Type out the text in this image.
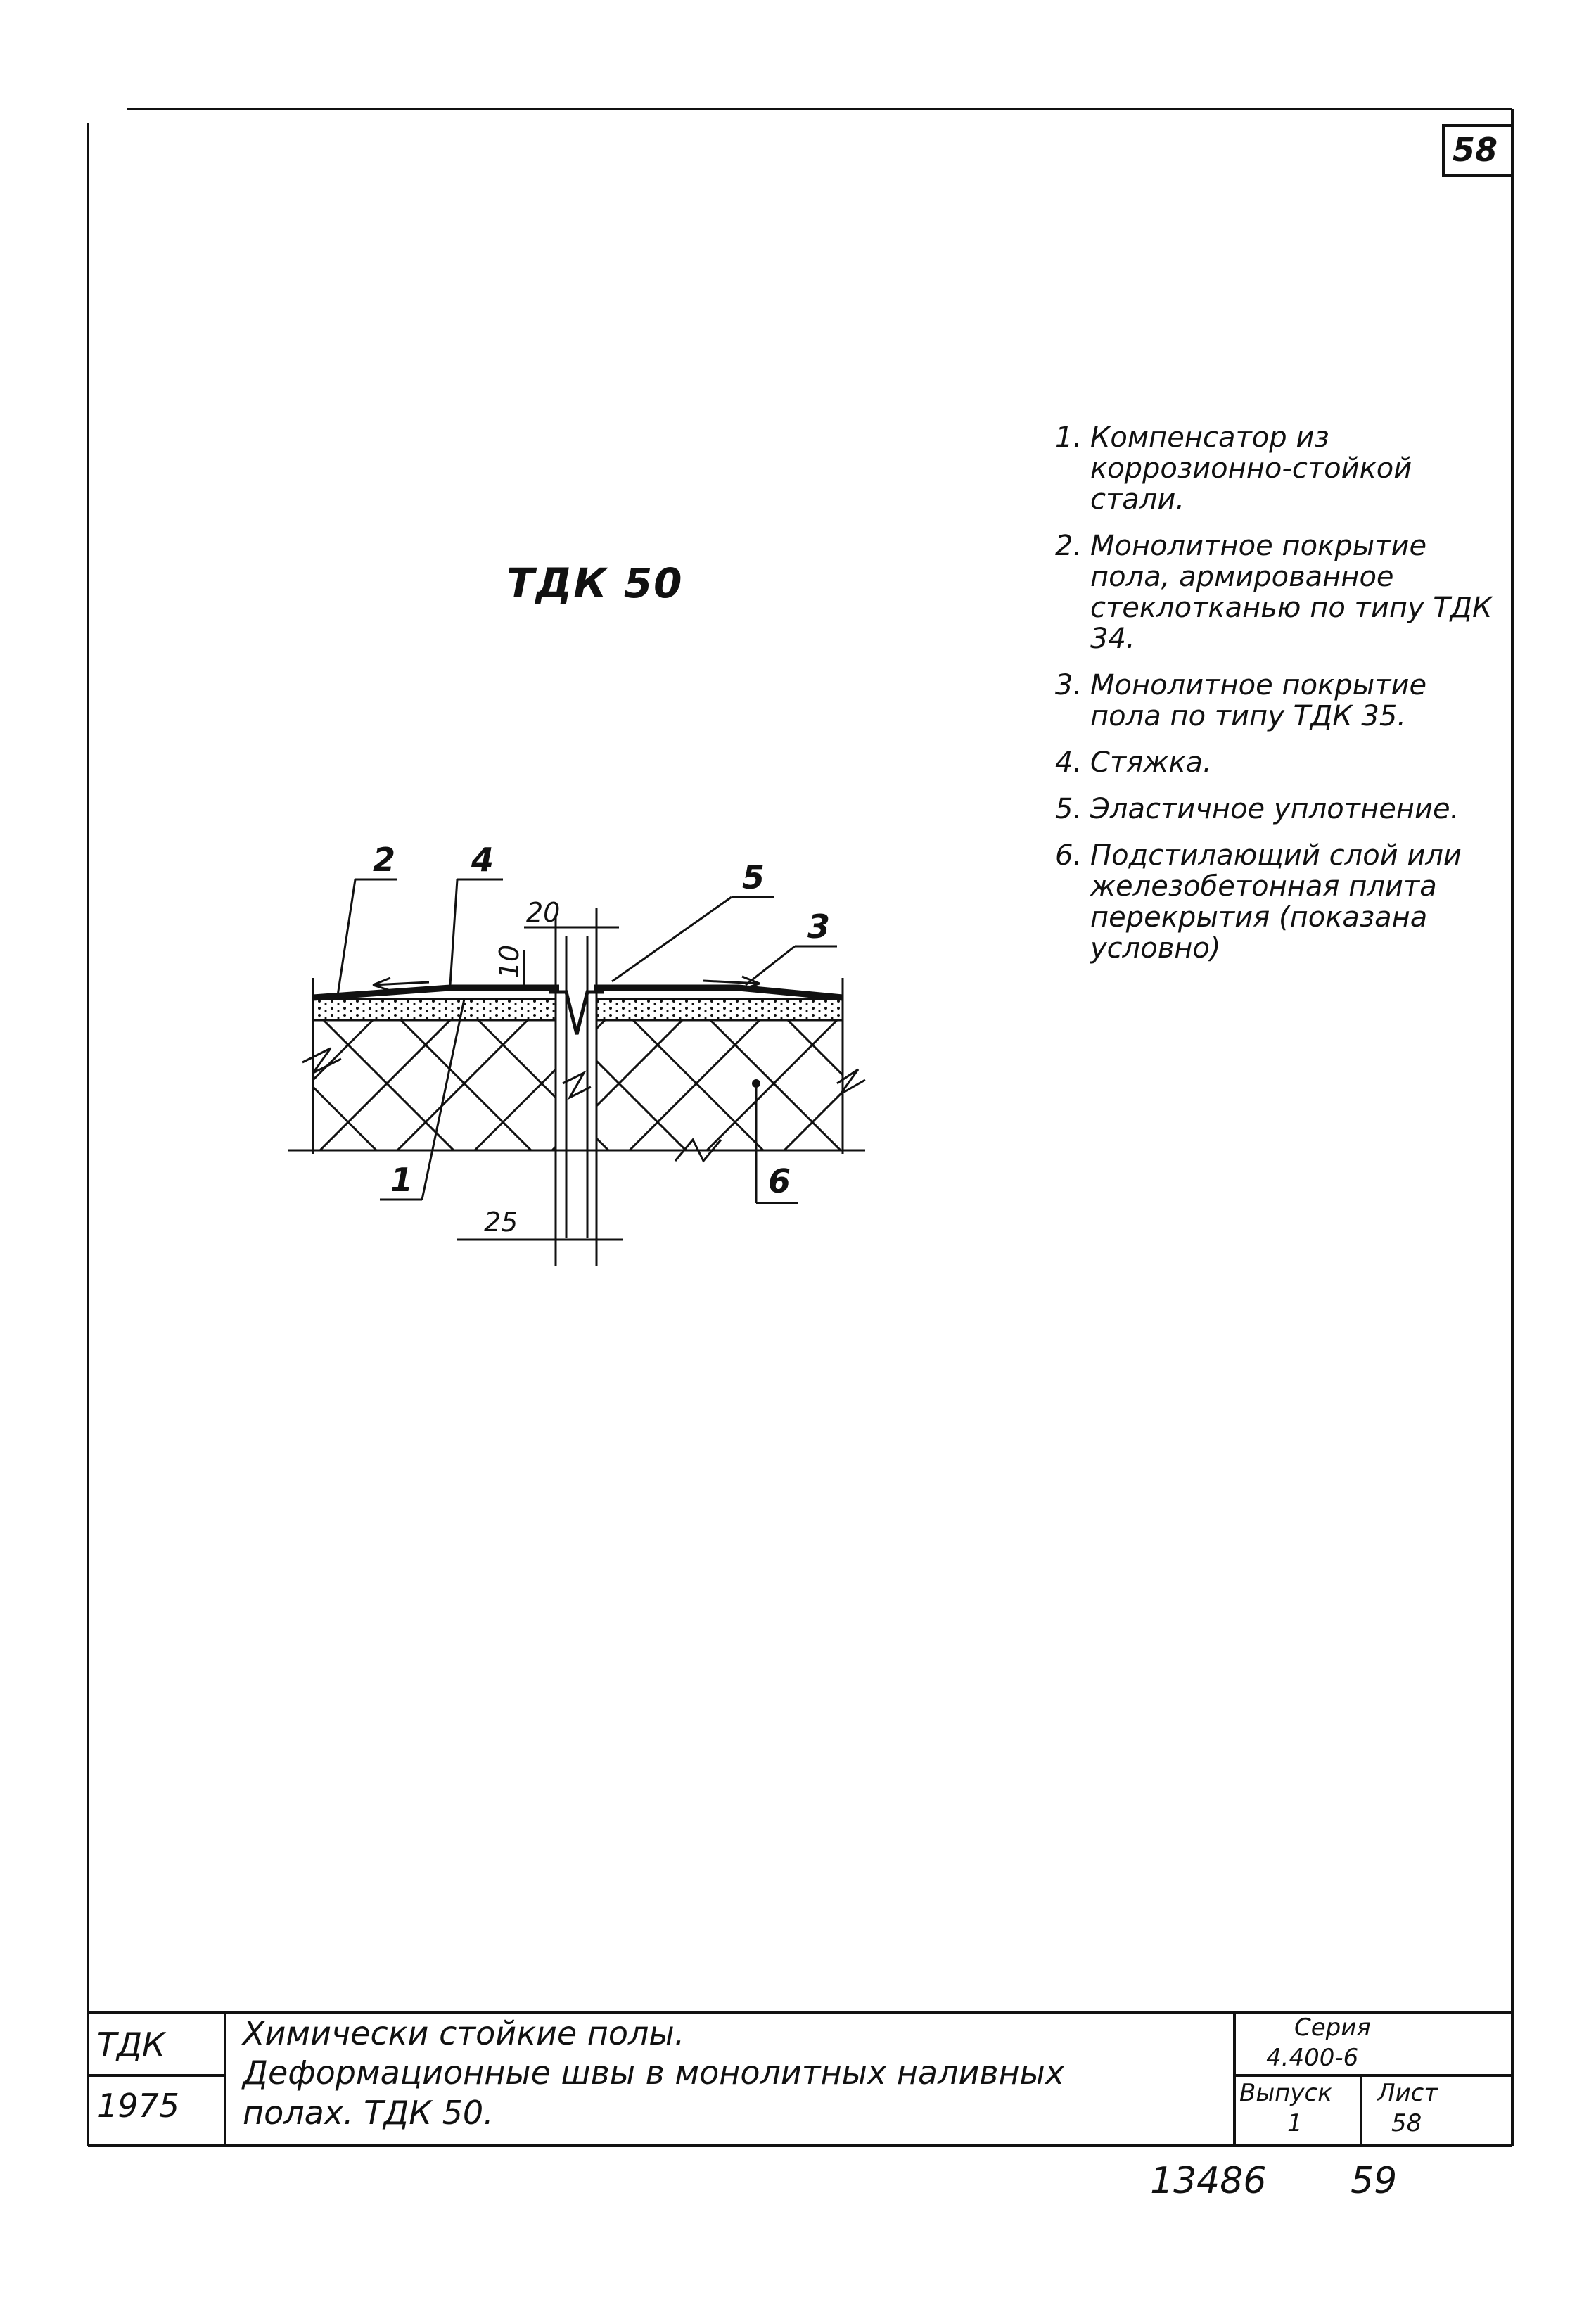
58
ТДК 50
2 4	5
3
1	6
20
10
25
1. Компенсатор из коррозионно-стойкой стали.
2. Монолитное покрытие пола, армированное стеклотканью по типу ТДК 34.
3. Монолитное покрытие пола по типу ТДК 35.
4. Стяжка.
5. Эластичное уплотнение.
6. Подстилающий слой или железобетонная плита перекрытия (показана условно)
ТДК
1975
Химически стойкие полы.
Деформационные швы в монолитных наливных
полах. ТДК 50.
Серия
4.400-6
Выпуск
1
Лист
58
13486 59
